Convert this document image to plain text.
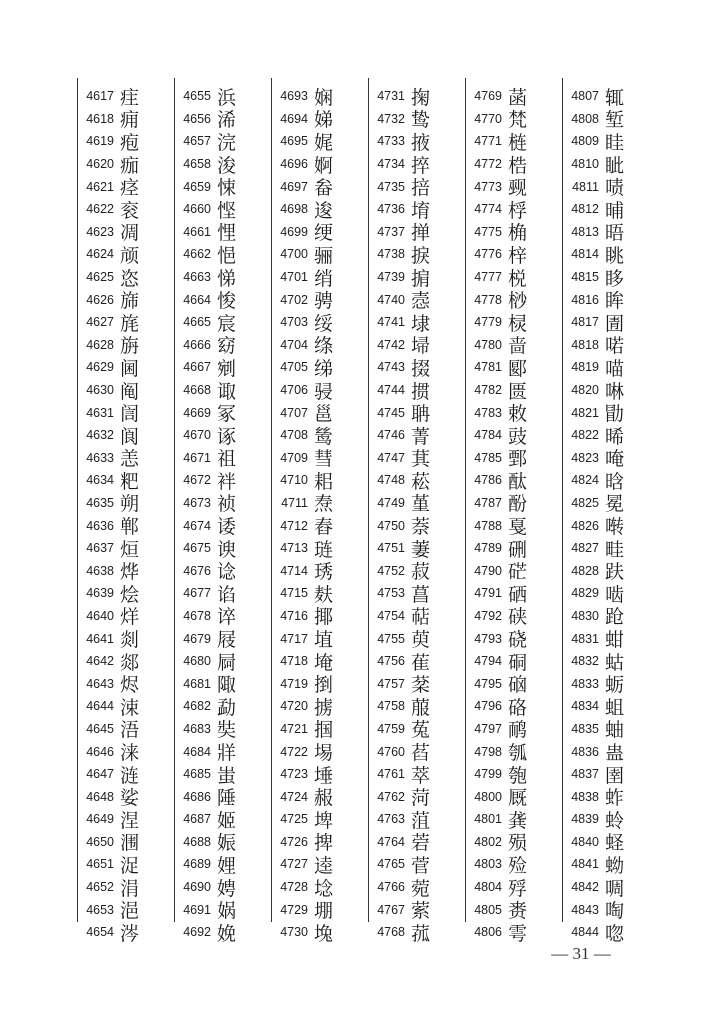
4617 疰
4618 痈
4619 疱
4620 痂
4621 痉
4622 衮
4623 凋
4624 颃
4625 恣
4626 旆
4627 旄
4628 旃
4629 阃
4630 阄
4631 訚
4632 阆
4633 恙
4634 粑
4635 朔
4636 郸
4637 烜
4638 烨
4639 烩
4640 烊
4641 剡
4642 郯
4643 烬
4644 涑
4645 浯
4646 涞
4647 涟
4648 娑
4649 涅
4650 涠
4651 浞
4652 涓
4653 浥
4654 涔
4655 浜
4656 浠
4657 浣
4658 浚
4659 悚
4660 悭
4661 悝
4662 悒
4663 悌
4664 悛
4665 宸
4666 窈
4667 剜
4668 诹
4669 冢
4670 诼
4671 祖
4672 袢
4673 祯
4674 诿
4675 谀
4676 谂
4677 谄
4678 谇
4679 屐
4680 屙
4681 陬
4682 勐
4683 奘
4684 牂
4685 蚩
4686 陲
4687 姬
4688 娠
4689 娌
4690 娉
4691 娲
4692 娩
4693 娴
4694 娣
4695 娓
4696 婀
4697 畚
4698 逡
4699 绠
4700 骊
4701 绡
4702 骋
4703 绥
4704 绦
4705 绨
4706 骎
4707 邕
4708 鸶
4709 彗
4710 耜
4711 焘
4712 舂
4713 琏
4714 琇
4715 麸
4716 揶
4717 埴
4718 埯
4719 捯
4720 掳
4721 掴
4722 埸
4723 埵
4724 赧
4725 埤
4726 捭
4727 逵
4728 埝
4729 堋
4730 堍
4731 掬
4732 鸷
4733 掖
4734 捽
4735 掊
4736 堉
4737 掸
4738 捩
4739 掮
4740 悫
4741 埭
4742 埽
4743 掇
4744 掼
4745 聃
4746 菁
4747 萁
4748 菘
4749 堇
4750 萘
4751 萋
4752 菽
4753 菖
4754 萜
4755 萸
4756 萑
4757 棻
4758 菔
4759 菟
4760 萏
4761 萃
4762 菏
4763 菹
4764 菪
4765 菅
4766 菀
4767 萦
4768 菰
4769 菡
4770 梵
4771 梿
4772 梏
4773 觋
4774 桴
4775 桷
4776 梓
4777 棁
4778 桫
4779 棂
4780 啬
4781 郾
4782 匮
4783 敕
4784 豉
4785 鄄
4786 酞
4787 酚
4788 戛
4789 硎
4790 硭
4791 硒
4792 硖
4793 硗
4794 硐
4795 硇
4796 硌
4797 鸸
4798 瓠
4799 匏
4800 厩
4801 龚
4802 殒
4803 殓
4804 殍
4805 赉
4806 雩
4807 辄
4808 堑
4809 眭
4810 眦
4811 啧
4812 晡
4813 晤
4814 眺
4815 眵
4816 眸
4817 圊
4818 喏
4819 喵
4820 啉
4821 勖
4822 晞
4823 唵
4824 晗
4825 冕
4826 啭
4827 畦
4828 趺
4829 啮
4830 跄
4831 蚶
4832 蛄
4833 蛎
4834 蛆
4835 蚰
4836 蛊
4837 圉
4838 蚱
4839 蛉
4840 蛏
4841 蚴
4842 啁
4843 啕
4844 唿
— 31 —
